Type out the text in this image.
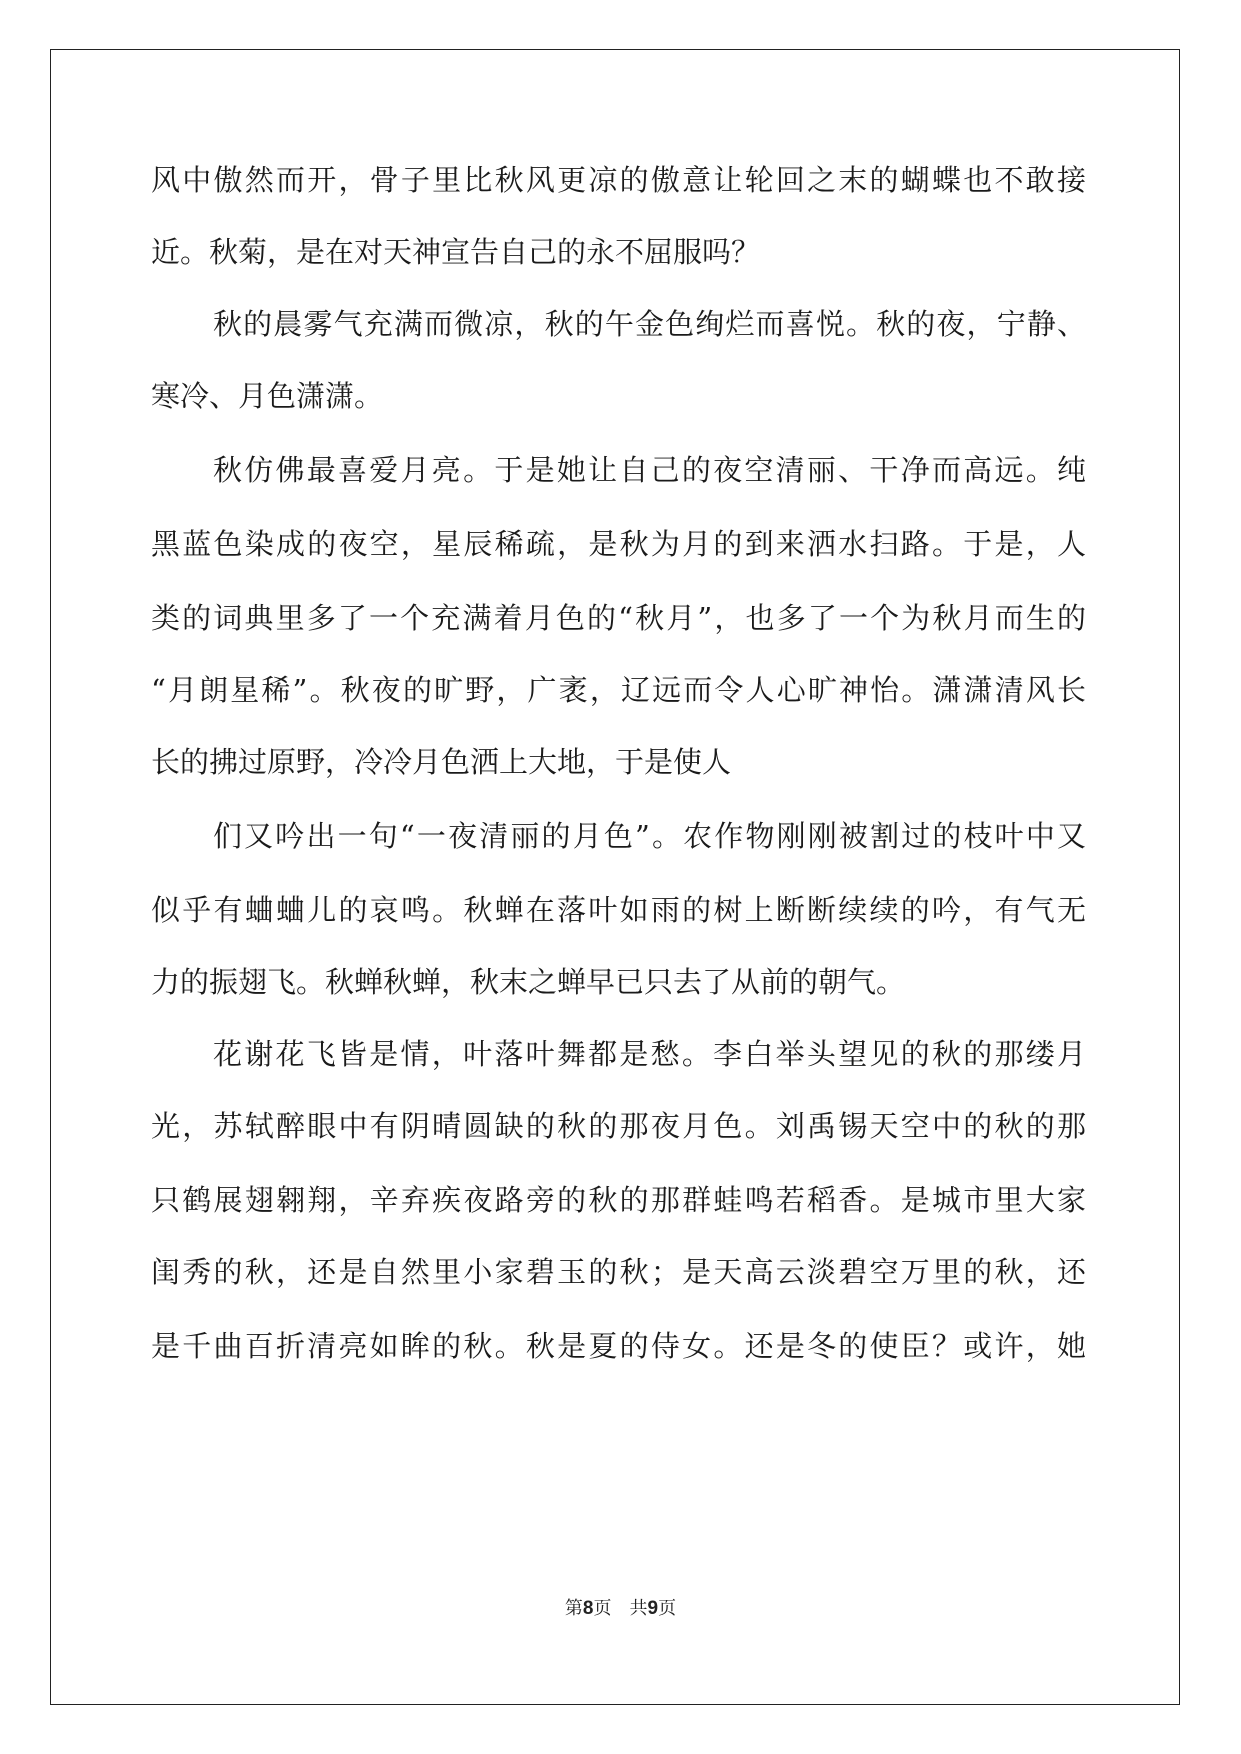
风中傲然而开，骨子里比秋风更凉的傲意让轮回之末的蝴蝶也不敢接
近。秋菊，是在对天神宣告自己的永不屈服吗？
秋的晨雾气充满而微凉，秋的午金色绚烂而喜悦。秋的夜，宁静、
寒冷、月色潇潇。
秋仿佛最喜爱月亮。于是她让自己的夜空清丽、干净而高远。纯
黑蓝色染成的夜空，星辰稀疏，是秋为月的到来洒水扫路。于是，人
类的词典里多了一个充满着月色的“秋月”，也多了一个为秋月而生的
“月朗星稀”。秋夜的旷野，广袤，辽远而令人心旷神怡。潇潇清风长
长的拂过原野，冷冷月色洒上大地，于是使人
们又吟出一句“一夜清丽的月色”。农作物刚刚被割过的枝叶中又
似乎有蛐蛐儿的哀鸣。秋蝉在落叶如雨的树上断断续续的吟，有气无
力的振翅飞。秋蝉秋蝉，秋末之蝉早已只去了从前的朝气。
花谢花飞皆是情，叶落叶舞都是愁。李白举头望见的秋的那缕月
光，苏轼醉眼中有阴晴圆缺的秋的那夜月色。刘禹锡天空中的秋的那
只鹤展翅翱翔，辛弃疾夜路旁的秋的那群蛙鸣若稻香。是城市里大家
闺秀的秋，还是自然里小家碧玉的秋；是天高云淡碧空万里的秋，还
是千曲百折清亮如眸的秋。秋是夏的侍女。还是冬的使臣？或许，她
第8页 共9页
